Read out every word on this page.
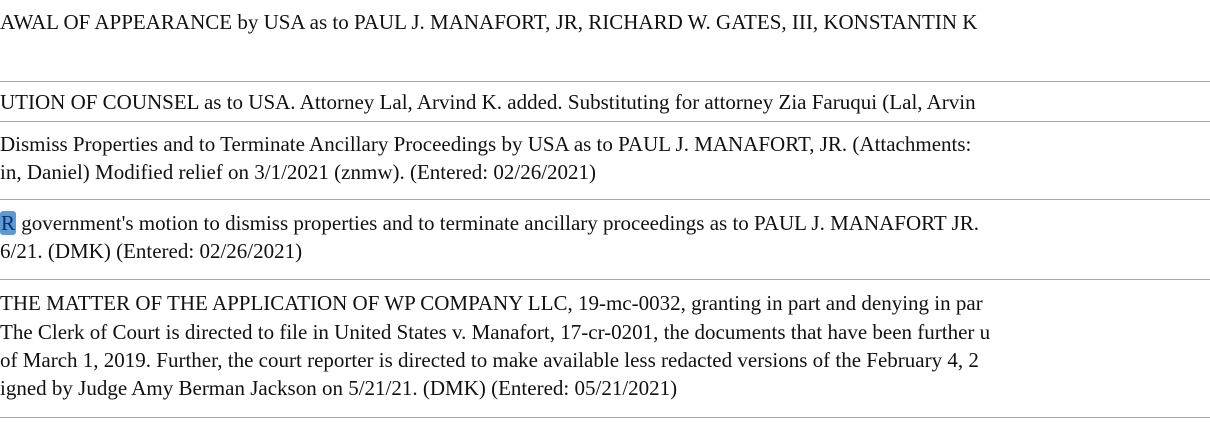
AWAL OF APPEARANCE by USA as to PAUL J. MANAFORT, JR, RICHARD W. GATES, III, KONSTANTIN K
UTION OF COUNSEL as to USA. Attorney Lal, Arvind K. added. Substituting for attorney Zia Faruqui (Lal, Arvin
Dismiss Properties and to Terminate Ancillary Proceedings by USA as to PAUL J. MANAFORT, JR. (Attachments:
in, Daniel) Modified relief on 3/1/2021 (znmw). (Entered: 02/26/2021)
R government's motion to dismiss properties and to terminate ancillary proceedings as to PAUL J. MANAFORT JR.
6/21. (DMK) (Entered: 02/26/2021)
THE MATTER OF THE APPLICATION OF WP COMPANY LLC, 19-mc-0032, granting in part and denying in par
The Clerk of Court is directed to file in United States v. Manafort, 17-cr-0201, the documents that have been further u
of March 1, 2019. Further, the court reporter is directed to make available less redacted versions of the February 4, 2
igned by Judge Amy Berman Jackson on 5/21/21. (DMK) (Entered: 05/21/2021)
